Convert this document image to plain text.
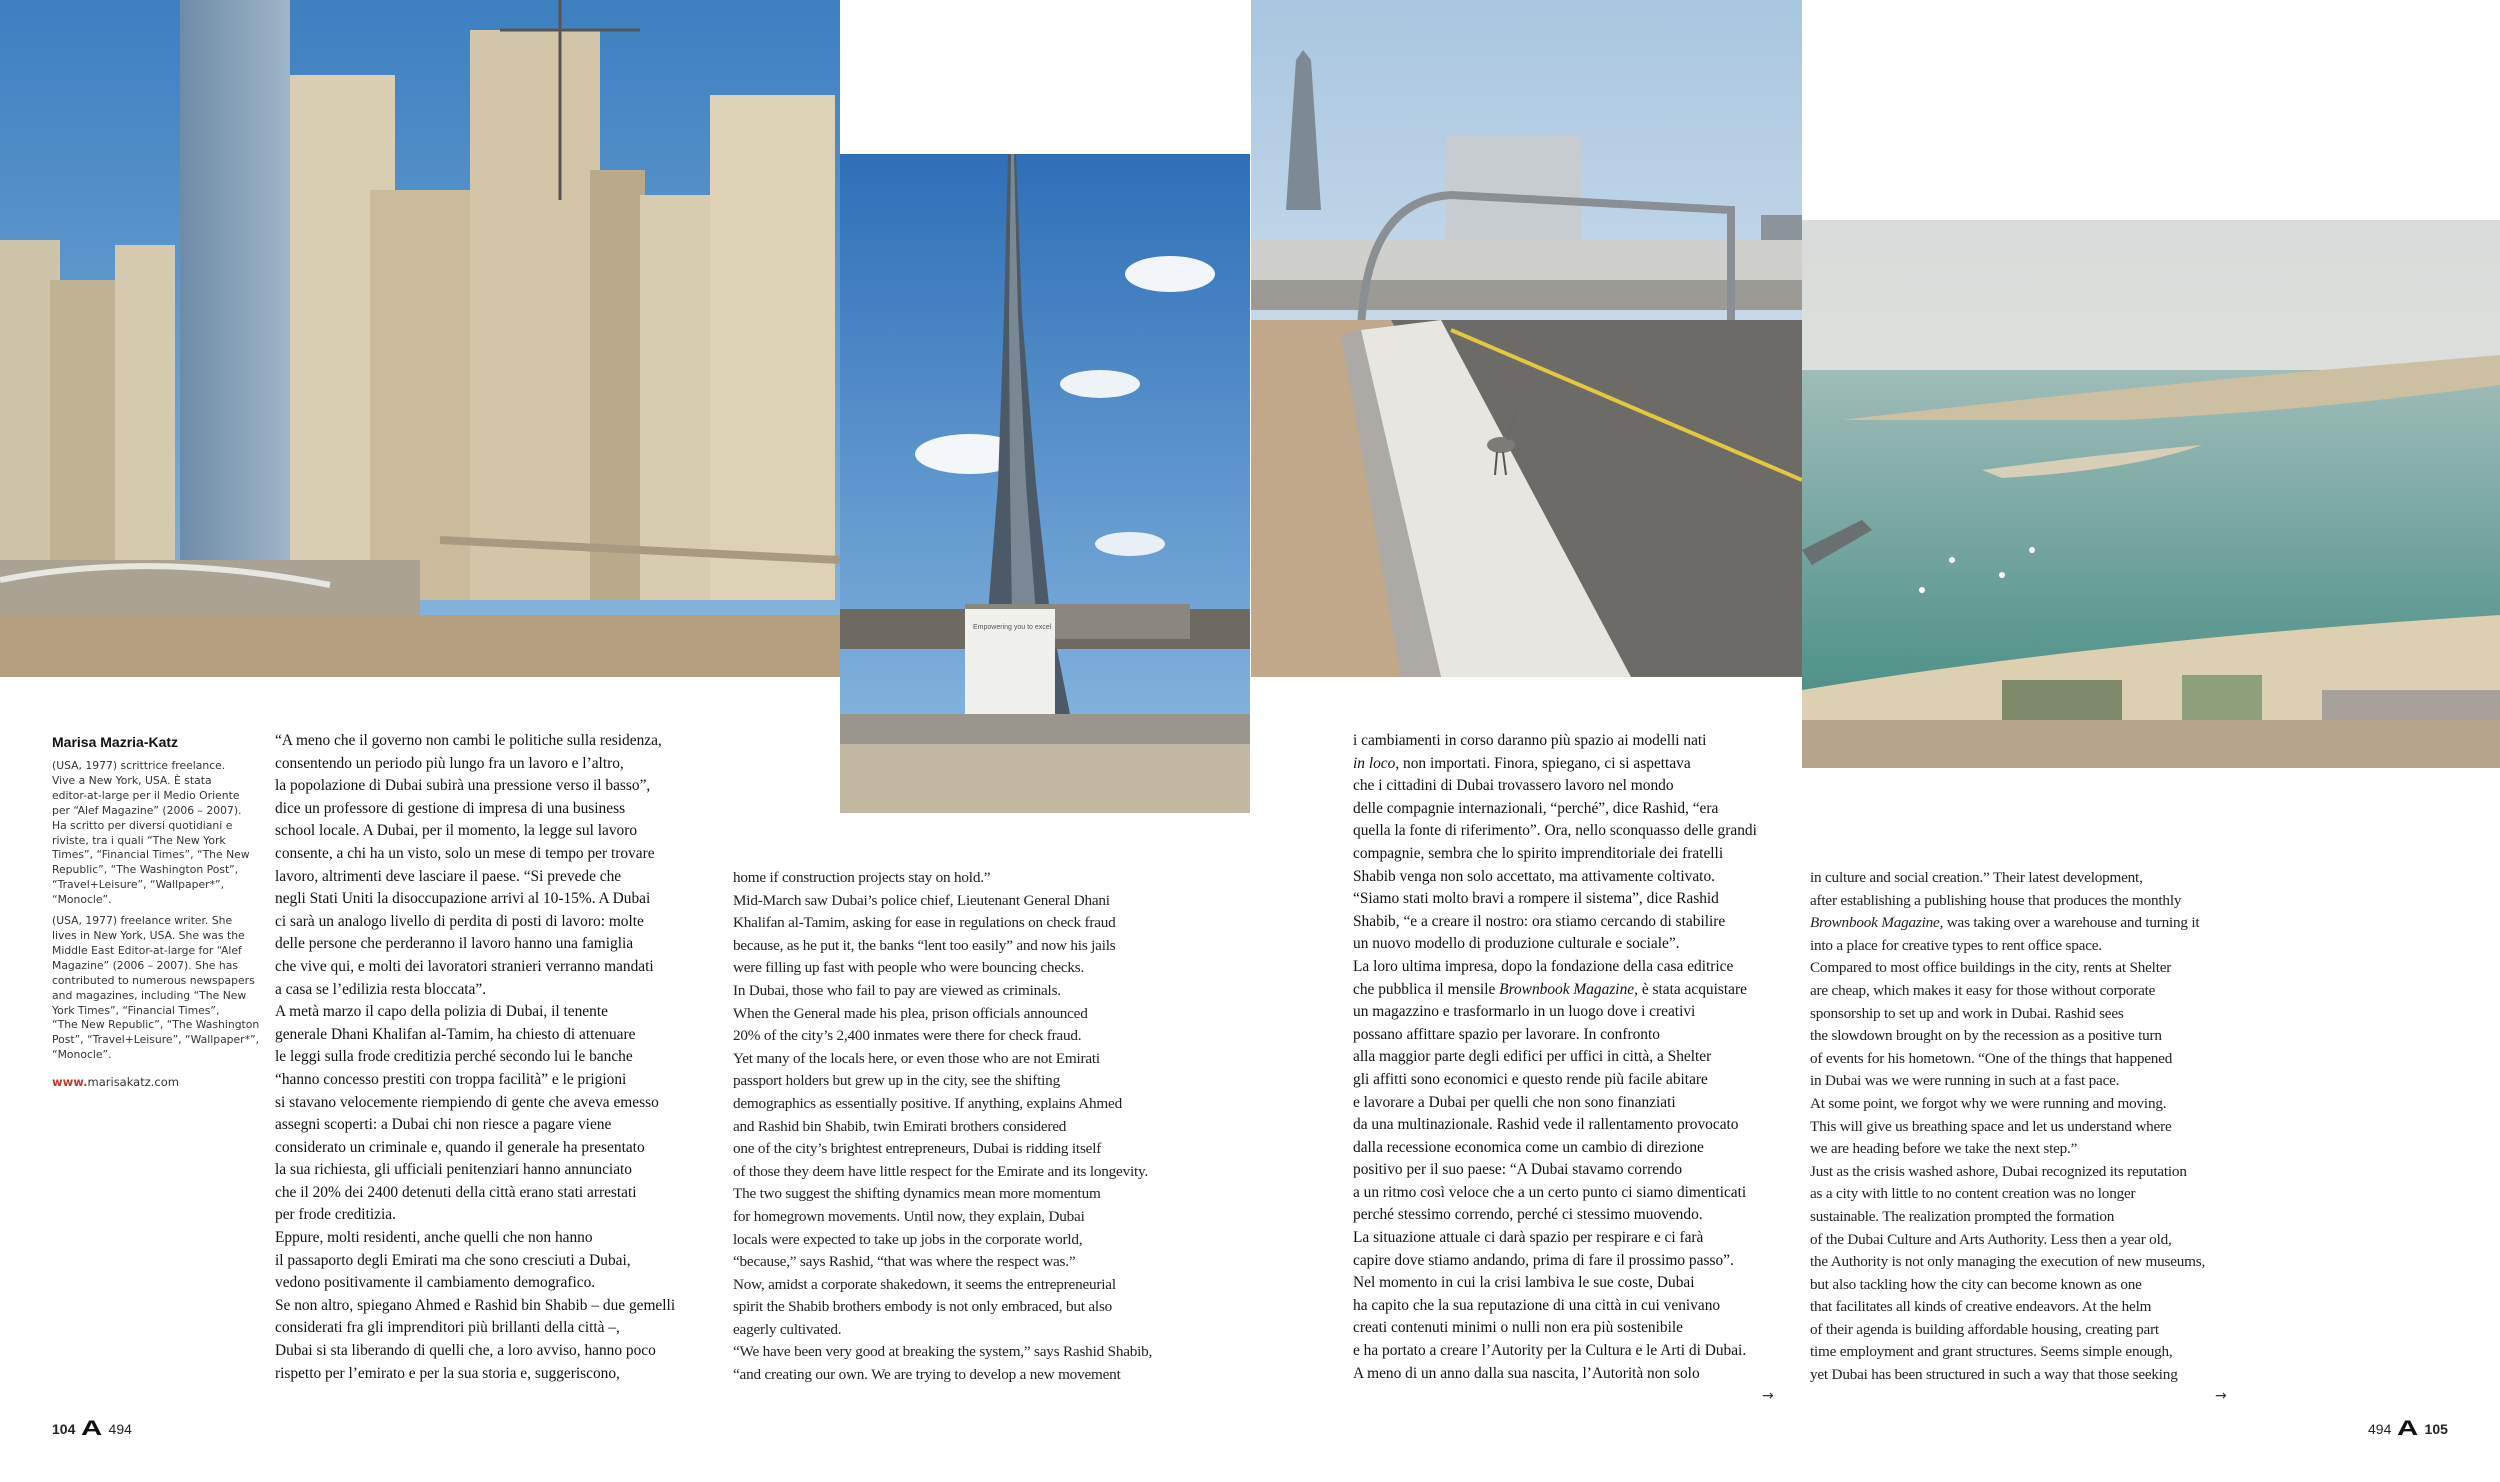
Empowering you to excel
Marisa Mazria-Katz

(USA, 1977) scrittrice freelance.

Vive a New York, USA. È stata

editor-at-large per il Medio Oriente

per “Alef Magazine” (2006 – 2007).

Ha scritto per diversi quotidiani e

riviste, tra i quali “The New York

Times”, “Financial Times”, “The New

Republic”, “The Washington Post”,

“Travel+Leisure”, “Wallpaper*”,

“Monocle”.

(USA, 1977) freelance writer. She

lives in New York, USA. She was the

Middle East Editor-at-large for “Alef

Magazine” (2006 – 2007). She has

contributed to numerous newspapers

and magazines, including “The New

York Times”, “Financial Times”,

“The New Republic”, “The Washington

Post”, “Travel+Leisure”, “Wallpaper*”,

“Monocle”.

www.marisakatz.com

“A meno che il governo non cambi le politiche sulla residenza,

consentendo un periodo più lungo fra un lavoro e l’altro,

la popolazione di Dubai subirà una pressione verso il basso”,

dice un professore di gestione di impresa di una business

school locale. A Dubai, per il momento, la legge sul lavoro

consente, a chi ha un visto, solo un mese di tempo per trovare

lavoro, altrimenti deve lasciare il paese. “Si prevede che

negli Stati Uniti la disoccupazione arrivi al 10-15%. A Dubai

ci sarà un analogo livello di perdita di posti di lavoro: molte

delle persone che perderanno il lavoro hanno una famiglia

che vive qui, e molti dei lavoratori stranieri verranno mandati

a casa se l’edilizia resta bloccata”.

A metà marzo il capo della polizia di Dubai, il tenente

generale Dhani Khalifan al-Tamim, ha chiesto di attenuare

le leggi sulla frode creditizia perché secondo lui le banche

“hanno concesso prestiti con troppa facilità” e le prigioni

si stavano velocemente riempiendo di gente che aveva emesso

assegni scoperti: a Dubai chi non riesce a pagare viene

considerato un criminale e, quando il generale ha presentato

la sua richiesta, gli ufficiali penitenziari hanno annunciato

che il 20% dei 2400 detenuti della città erano stati arrestati

per frode creditizia.

Eppure, molti residenti, anche quelli che non hanno

il passaporto degli Emirati ma che sono cresciuti a Dubai,

vedono positivamente il cambiamento demografico.

Se non altro, spiegano Ahmed e Rashid bin Shabib – due gemelli

considerati fra gli imprenditori più brillanti della città –,

Dubai si sta liberando di quelli che, a loro avviso, hanno poco

rispetto per l’emirato e per la sua storia e, suggeriscono,

home if construction projects stay on hold.”

Mid-March saw Dubai’s police chief, Lieutenant General Dhani

Khalifan al-Tamim, asking for ease in regulations on check fraud

because, as he put it, the banks “lent too easily” and now his jails

were filling up fast with people who were bouncing checks.

In Dubai, those who fail to pay are viewed as criminals.

When the General made his plea, prison officials announced

20% of the city’s 2,400 inmates were there for check fraud.

Yet many of the locals here, or even those who are not Emirati

passport holders but grew up in the city, see the shifting

demographics as essentially positive. If anything, explains Ahmed

and Rashid bin Shabib, twin Emirati brothers considered

one of the city’s brightest entrepreneurs, Dubai is ridding itself

of those they deem have little respect for the Emirate and its longevity.

The two suggest the shifting dynamics mean more momentum

for homegrown movements. Until now, they explain, Dubai

locals were expected to take up jobs in the corporate world,

“because,” says Rashid, “that was where the respect was.”

Now, amidst a corporate shakedown, it seems the entrepreneurial

spirit the Shabib brothers embody is not only embraced, but also

eagerly cultivated.

“We have been very good at breaking the system,” says Rashid Shabib,

“and creating our own. We are trying to develop a new movement

i cambiamenti in corso daranno più spazio ai modelli nati

in loco, non importati. Finora, spiegano, ci si aspettava

che i cittadini di Dubai trovassero lavoro nel mondo

delle compagnie internazionali, “perché”, dice Rashid, “era

quella la fonte di riferimento”. Ora, nello sconquasso delle grandi

compagnie, sembra che lo spirito imprenditoriale dei fratelli

Shabib venga non solo accettato, ma attivamente coltivato.

“Siamo stati molto bravi a rompere il sistema”, dice Rashid

Shabib, “e a creare il nostro: ora stiamo cercando di stabilire

un nuovo modello di produzione culturale e sociale”.

La loro ultima impresa, dopo la fondazione della casa editrice

che pubblica il mensile Brownbook Magazine, è stata acquistare

un magazzino e trasformarlo in un luogo dove i creativi

possano affittare spazio per lavorare. In confronto

alla maggior parte degli edifici per uffici in città, a Shelter

gli affitti sono economici e questo rende più facile abitare

e lavorare a Dubai per quelli che non sono finanziati

da una multinazionale. Rashid vede il rallentamento provocato

dalla recessione economica come un cambio di direzione

positivo per il suo paese: “A Dubai stavamo correndo

a un ritmo così veloce che a un certo punto ci siamo dimenticati

perché stessimo correndo, perché ci stessimo muovendo.

La situazione attuale ci darà spazio per respirare e ci farà

capire dove stiamo andando, prima di fare il prossimo passo”.

Nel momento in cui la crisi lambiva le sue coste, Dubai

ha capito che la sua reputazione di una città in cui venivano

creati contenuti minimi o nulli non era più sostenibile

e ha portato a creare l’Autority per la Cultura e le Arti di Dubai.

A meno di un anno dalla sua nascita, l’Autorità non solo

in culture and social creation.” Their latest development,

after establishing a publishing house that produces the monthly

Brownbook Magazine, was taking over a warehouse and turning it

into a place for creative types to rent office space.

Compared to most office buildings in the city, rents at Shelter

are cheap, which makes it easy for those without corporate

sponsorship to set up and work in Dubai. Rashid sees

the slowdown brought on by the recession as a positive turn

of events for his hometown. “One of the things that happened

in Dubai was we were running in such at a fast pace.

At some point, we forgot why we were running and moving.

This will give us breathing space and let us understand where

we are heading before we take the next step.”

Just as the crisis washed ashore, Dubai recognized its reputation

as a city with little to no content creation was no longer

sustainable. The realization prompted the formation

of the Dubai Culture and Arts Authority. Less then a year old,

the Authority is not only managing the execution of new museums,

but also tackling how the city can become known as one

that facilitates all kinds of creative endeavors. At the helm

of their agenda is building affordable housing, creating part

time employment and grant structures. Seems simple enough,

yet Dubai has been structured in such a way that those seeking

→	→
104 A 494	494 A 105
